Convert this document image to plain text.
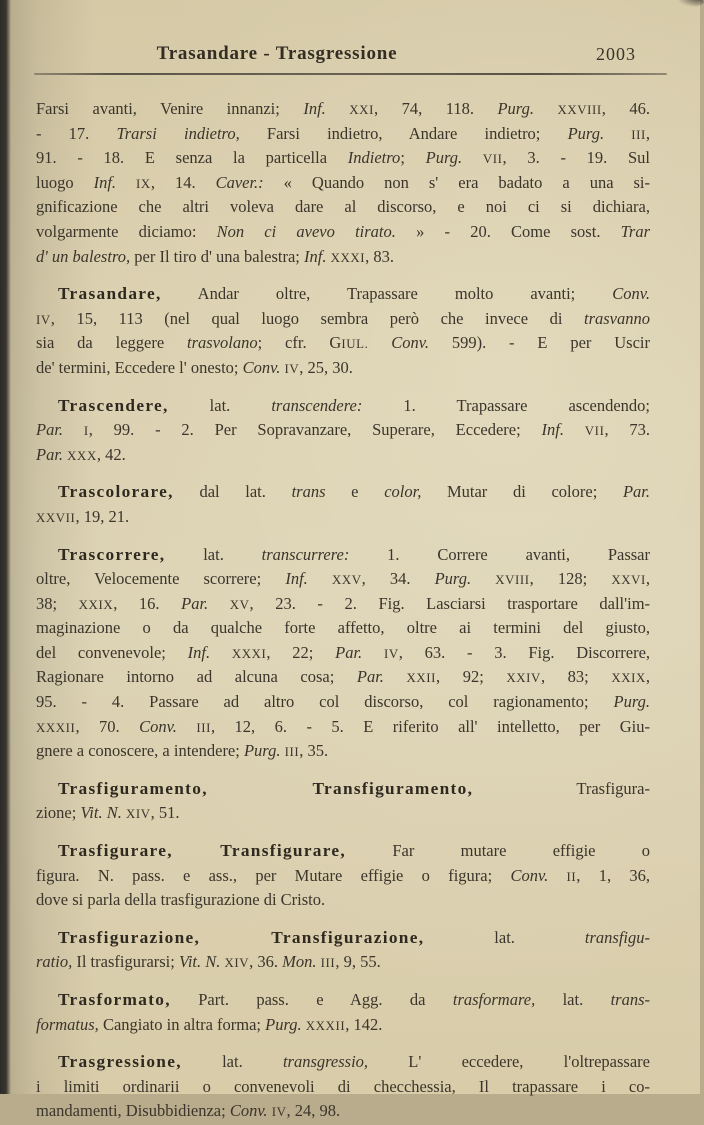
Trasandare - Trasgressione	2003

Farsi avanti, Venire innanzi; Inf. XXI, 74, 118. Purg. XXVIII, 46.
- 17. Trarsi indietro, Farsi indietro, Andare indietro; Purg. III,
91. - 18. E senza la particella Indietro; Purg. VII, 3. - 19. Sul
luogo Inf. IX, 14. Caver.: « Quando non s' era badato a una si-
gnificazione che altri voleva dare al discorso, e noi ci si dichiara,
volgarmente diciamo: Non ci avevo tirato. » - 20. Come sost. Trar
d' un balestro, per Il tiro d' una balestra; Inf. XXXI, 83.

Trasandare, Andar oltre, Trapassare molto avanti; Conv.
IV, 15, 113 (nel qual luogo sembra però che invece di trasvanno
sia da leggere trasvolano; cfr. GIUL. Conv. 599). - E per Uscir
de' termini, Eccedere l' onesto; Conv. IV, 25, 30.

Trascendere, lat. transcendere: 1. Trapassare ascendendo;
Par. I, 99. - 2. Per Sopravanzare, Superare, Eccedere; Inf. VII, 73.
Par. XXX, 42.

Trascolorare, dal lat. trans e color, Mutar di colore; Par.
XXVII, 19, 21.

Trascorrere, lat. transcurrere: 1. Correre avanti, Passar
oltre, Velocemente scorrere; Inf. XXV, 34. Purg. XVIII, 128; XXVI,
38; XXIX, 16. Par. XV, 23. - 2. Fig. Lasciarsi trasportare dall'im-
maginazione o da qualche forte affetto, oltre ai termini del giusto,
del convenevole; Inf. XXXI, 22; Par. IV, 63. - 3. Fig. Discorrere,
Ragionare intorno ad alcuna cosa; Par. XXII, 92; XXIV, 83; XXIX,
95. - 4. Passare ad altro col discorso, col ragionamento; Purg.
XXXII, 70. Conv. III, 12, 6. - 5. E riferito all' intelletto, per Giu-
gnere a conoscere, a intendere; Purg. III, 35.

Trasfiguramento, Transfiguramento, Trasfigura-
zione; Vit. N. XIV, 51.

Trasfigurare, Transfigurare, Far mutare effigie o
figura. N. pass. e ass., per Mutare effigie o figura; Conv. II, 1, 36,
dove si parla della trasfigurazione di Cristo.

Trasfigurazione, Transfigurazione, lat. transfigu-
ratio, Il trasfigurarsi; Vit. N. XIV, 36. Mon. III, 9, 55.

Trasformato, Part. pass. e Agg. da trasformare, lat. trans-
formatus, Cangiato in altra forma; Purg. XXXII, 142.

Trasgressione, lat. transgressio, L' eccedere, l'oltrepassare
i limiti ordinarii o convenevoli di checchessia, Il trapassare i co-
mandamenti, Disubbidienza; Conv. IV, 24, 98.
